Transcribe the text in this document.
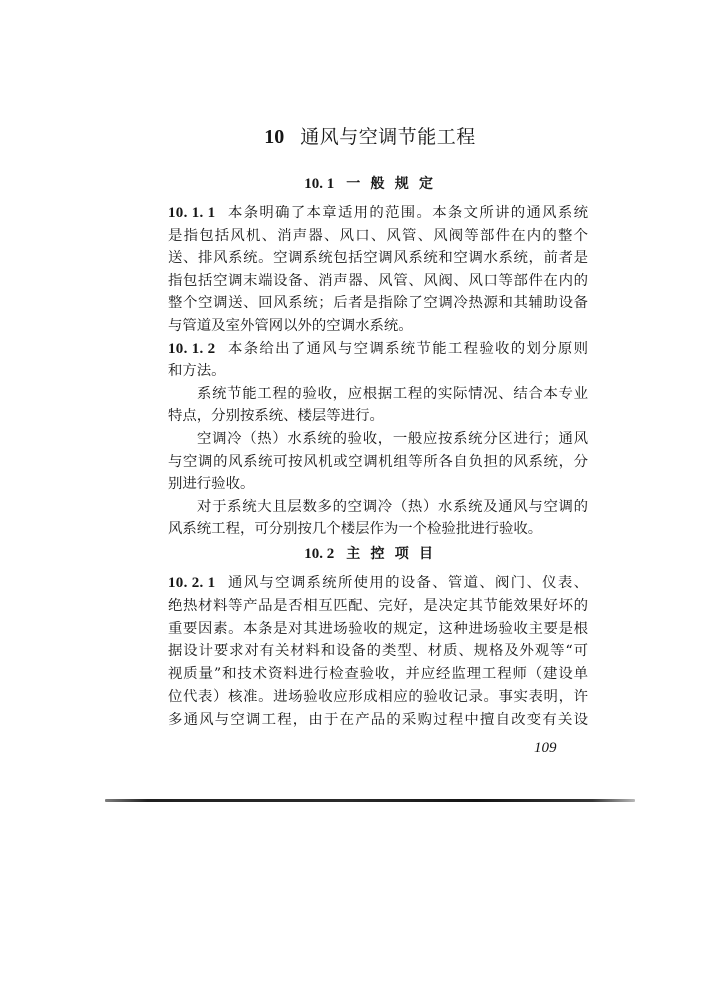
10 通风与空调节能工程
10. 1 一 般 规 定
10. 1. 1 本条明确了本章适用的范围。本条文所讲的通风系统
是指包括风机、消声器、风口、风管、风阀等部件在内的整个
送、排风系统。空调系统包括空调风系统和空调水系统，前者是
指包括空调末端设备、消声器、风管、风阀、风口等部件在内的
整个空调送、回风系统；后者是指除了空调冷热源和其辅助设备
与管道及室外管网以外的空调水系统。
10. 1. 2 本条给出了通风与空调系统节能工程验收的划分原则
和方法。
系统节能工程的验收，应根据工程的实际情况、结合本专业
特点，分别按系统、楼层等进行。
空调冷（热）水系统的验收，一般应按系统分区进行；通风
与空调的风系统可按风机或空调机组等所各自负担的风系统，分
别进行验收。
对于系统大且层数多的空调冷（热）水系统及通风与空调的
风系统工程，可分别按几个楼层作为一个检验批进行验收。
10. 2 主 控 项 目
10. 2. 1 通风与空调系统所使用的设备、管道、阀门、仪表、
绝热材料等产品是否相互匹配、完好，是决定其节能效果好坏的
重要因素。本条是对其进场验收的规定，这种进场验收主要是根
据设计要求对有关材料和设备的类型、材质、规格及外观等“可
视质量”和技术资料进行检查验收，并应经监理工程师（建设单
位代表）核准。进场验收应形成相应的验收记录。事实表明，许
多通风与空调工程，由于在产品的采购过程中擅自改变有关设
109
